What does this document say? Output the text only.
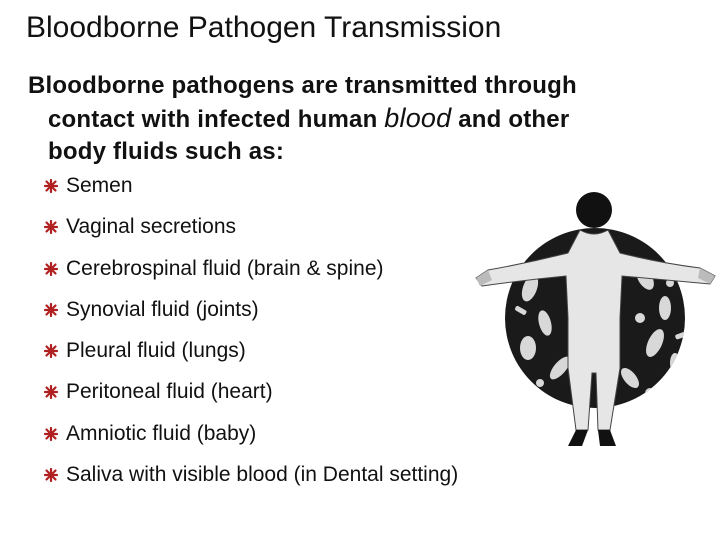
Bloodborne Pathogen Transmission
Bloodborne pathogens are transmitted through
contact with infected human blood and other
body fluids such as:
Semen
Vaginal secretions
Cerebrospinal fluid (brain & spine)
Synovial fluid (joints)
Pleural fluid (lungs)
Peritoneal fluid (heart)
Amniotic fluid (baby)
Saliva with visible blood (in Dental setting)
